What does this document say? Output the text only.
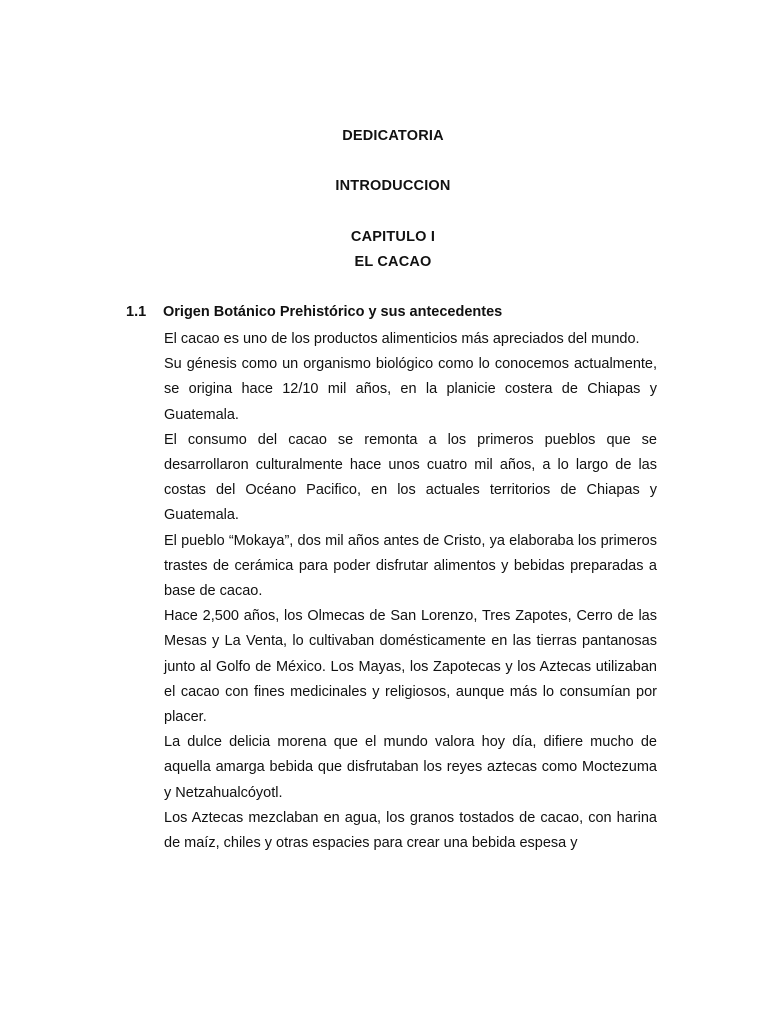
DEDICATORIA
INTRODUCCION
CAPITULO I
EL CACAO
1.1 Origen Botánico Prehistórico y sus antecedentes

El cacao es uno de los productos alimenticios más apreciados del mundo.

Su génesis como un organismo biológico como lo conocemos actualmente, se origina hace 12/10 mil años, en la planicie costera de Chiapas y Guatemala.

El consumo del cacao se remonta a los primeros pueblos que se desarrollaron culturalmente hace unos cuatro mil años, a lo largo de las costas del Océano Pacifico, en los actuales territorios de Chiapas y Guatemala.

El pueblo “Mokaya”, dos mil años antes de Cristo, ya elaboraba los primeros trastes de cerámica para poder disfrutar alimentos y bebidas preparadas a base de cacao.

Hace 2,500 años, los Olmecas de San Lorenzo, Tres Zapotes, Cerro de las Mesas y La Venta, lo cultivaban domésticamente en las tierras pantanosas junto al Golfo de México. Los Mayas, los Zapotecas y los Aztecas utilizaban el cacao con fines medicinales y religiosos, aunque más lo consumían por placer.

La dulce delicia morena que el mundo valora hoy día, difiere mucho de aquella amarga bebida que disfrutaban los reyes aztecas como Moctezuma y Netzahualcóyotl.

Los Aztecas mezclaban en agua, los granos tostados de cacao, con harina de maíz, chiles y otras espacies para crear una bebida espesa y
